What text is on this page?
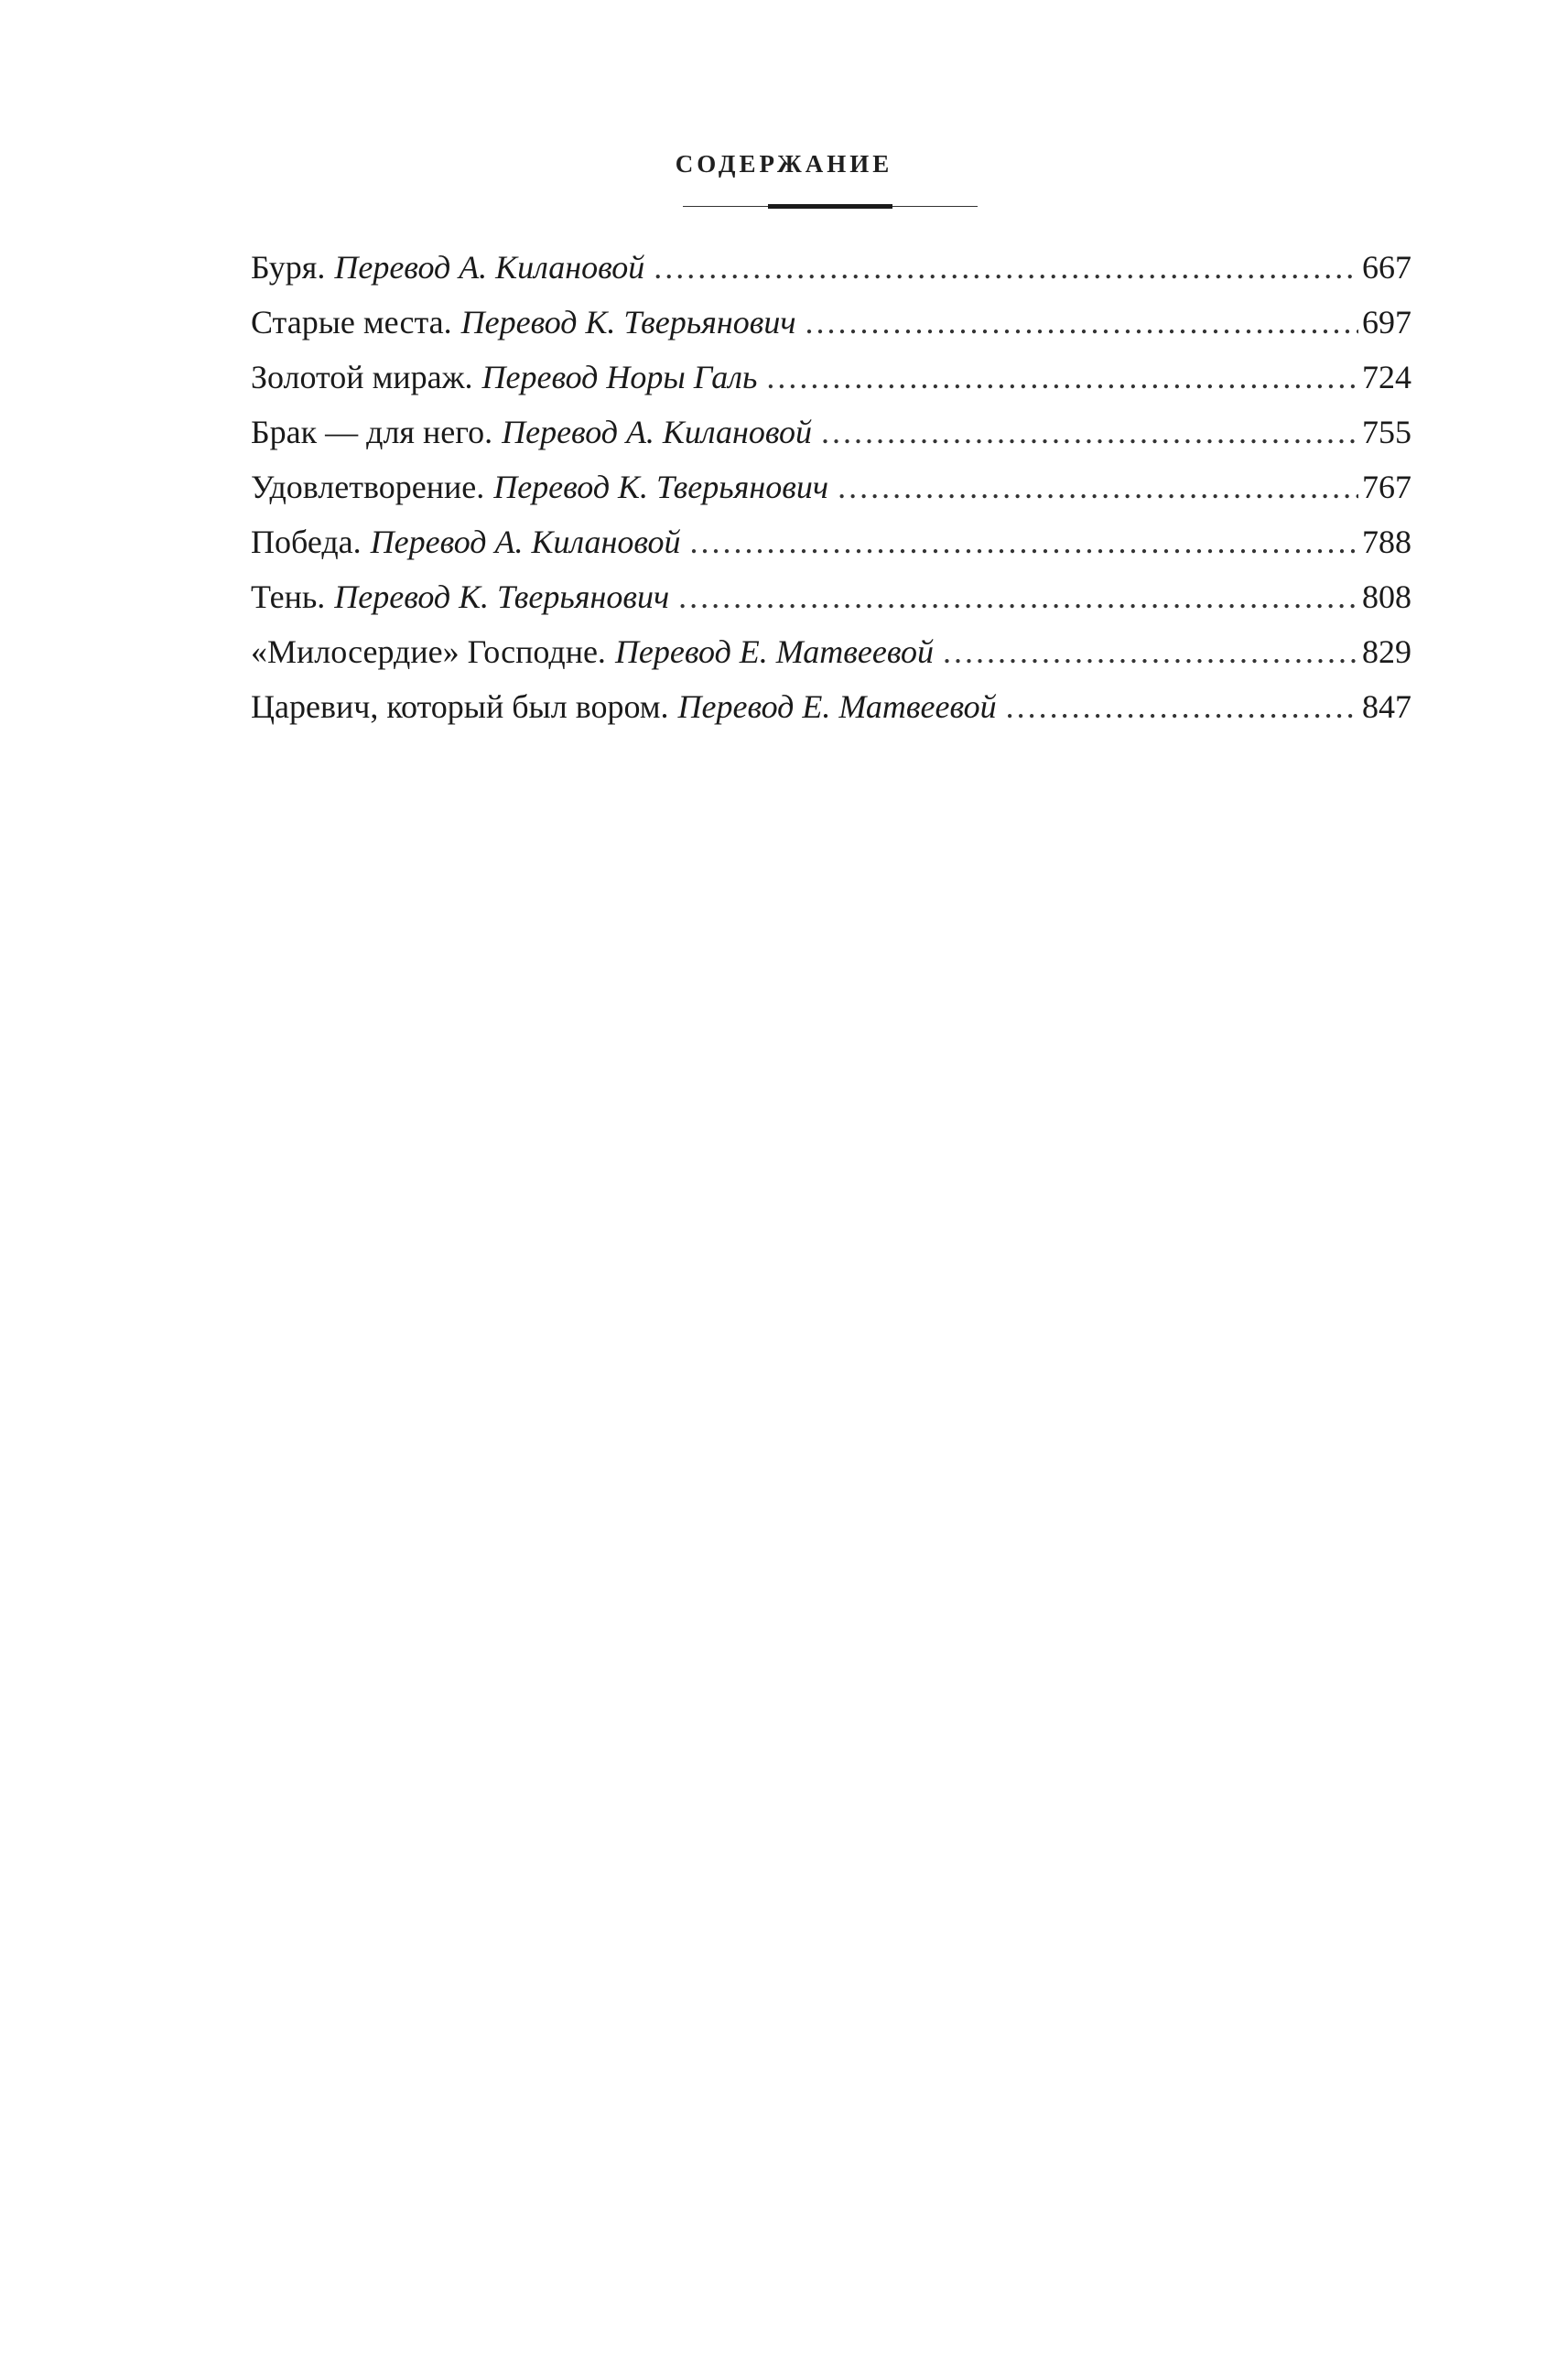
СОДЕРЖАНИЕ
Буря. Перевод А. Килановой . . .	667
Старые места. Перевод К. Тверьянович . . .	697
Золотой мираж. Перевод Норы Галь . . .	724
Брак — для него. Перевод А. Килановой . . .	755
Удовлетворение. Перевод К. Тверьянович . . .	767
Победа. Перевод А. Килановой . . .	788
Тень. Перевод К. Тверьянович . . .	808
«Милосердие» Господне. Перевод Е. Матвеевой . . .	829
Царевич, который был вором. Перевод Е. Матвеевой . . .	847
